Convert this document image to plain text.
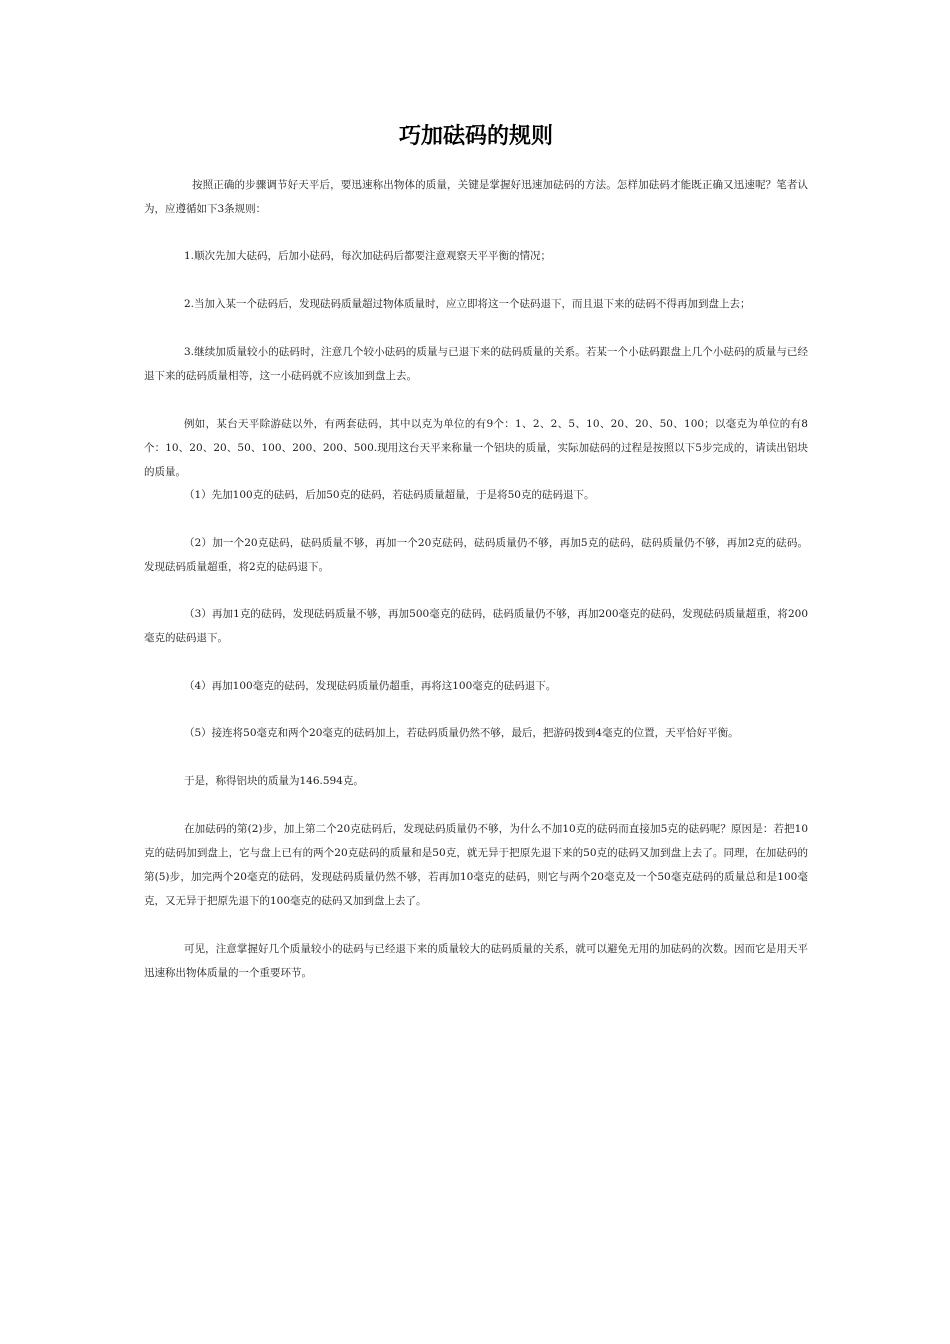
巧加砝码的规则

按照正确的步骤调节好天平后，要迅速称出物体的质量，关键是掌握好迅速加砝码的方法。怎样加砝码才能既正确又迅速呢？笔者认为，应遵循如下3条规则：

1.顺次先加大砝码，后加小砝码，每次加砝码后都要注意观察天平平衡的情况；

2.当加入某一个砝码后，发现砝码质量超过物体质量时，应立即将这一个砝码退下，而且退下来的砝码不得再加到盘上去；

3.继续加质量较小的砝码时，注意几个较小砝码的质量与已退下来的砝码质量的关系。若某一个小砝码跟盘上几个小砝码的质量与已经退下来的砝码质量相等，这一小砝码就不应该加到盘上去。

例如，某台天平除游砝以外，有两套砝码，其中以克为单位的有9个：1、2、2、5、10、20、20、50、100；以毫克为单位的有8个：10、20、20、50、100、200、200、500.现用这台天平来称量一个铝块的质量，实际加砝码的过程是按照以下5步完成的，请读出铝块的质量。

（1）先加100克的砝码，后加50克的砝码，若砝码质量超量，于是将50克的砝码退下。

（2）加一个20克砝码，砝码质量不够，再加一个20克砝码，砝码质量仍不够，再加5克的砝码，砝码质量仍不够，再加2克的砝码。发现砝码质量超重，将2克的砝码退下。

（3）再加1克的砝码，发现砝码质量不够，再加500毫克的砝码，砝码质量仍不够，再加200毫克的砝码，发现砝码质量超重，将200毫克的砝码退下。

（4）再加100毫克的砝码，发现砝码质量仍超重，再将这100毫克的砝码退下。

（5）接连将50毫克和两个20毫克的砝码加上，若砝码质量仍然不够，最后，把游码拨到4毫克的位置，天平恰好平衡。

于是，称得铝块的质量为146.594克。

在加砝码的第(2)步，加上第二个20克砝码后，发现砝码质量仍不够，为什么不加10克的砝码而直接加5克的砝码呢？原因是：若把10克的砝码加到盘上，它与盘上已有的两个20克砝码的质量和是50克，就无异于把原先退下来的50克的砝码又加到盘上去了。同理，在加砝码的第(5)步，加完两个20毫克的砝码，发现砝码质量仍然不够，若再加10毫克的砝码，则它与两个20毫克及一个50毫克砝码的质量总和是100毫克，又无异于把原先退下的100毫克的砝码又加到盘上去了。

可见，注意掌握好几个质量较小的砝码与已经退下来的质量较大的砝码质量的关系，就可以避免无用的加砝码的次数。因而它是用天平迅速称出物体质量的一个重要环节。
